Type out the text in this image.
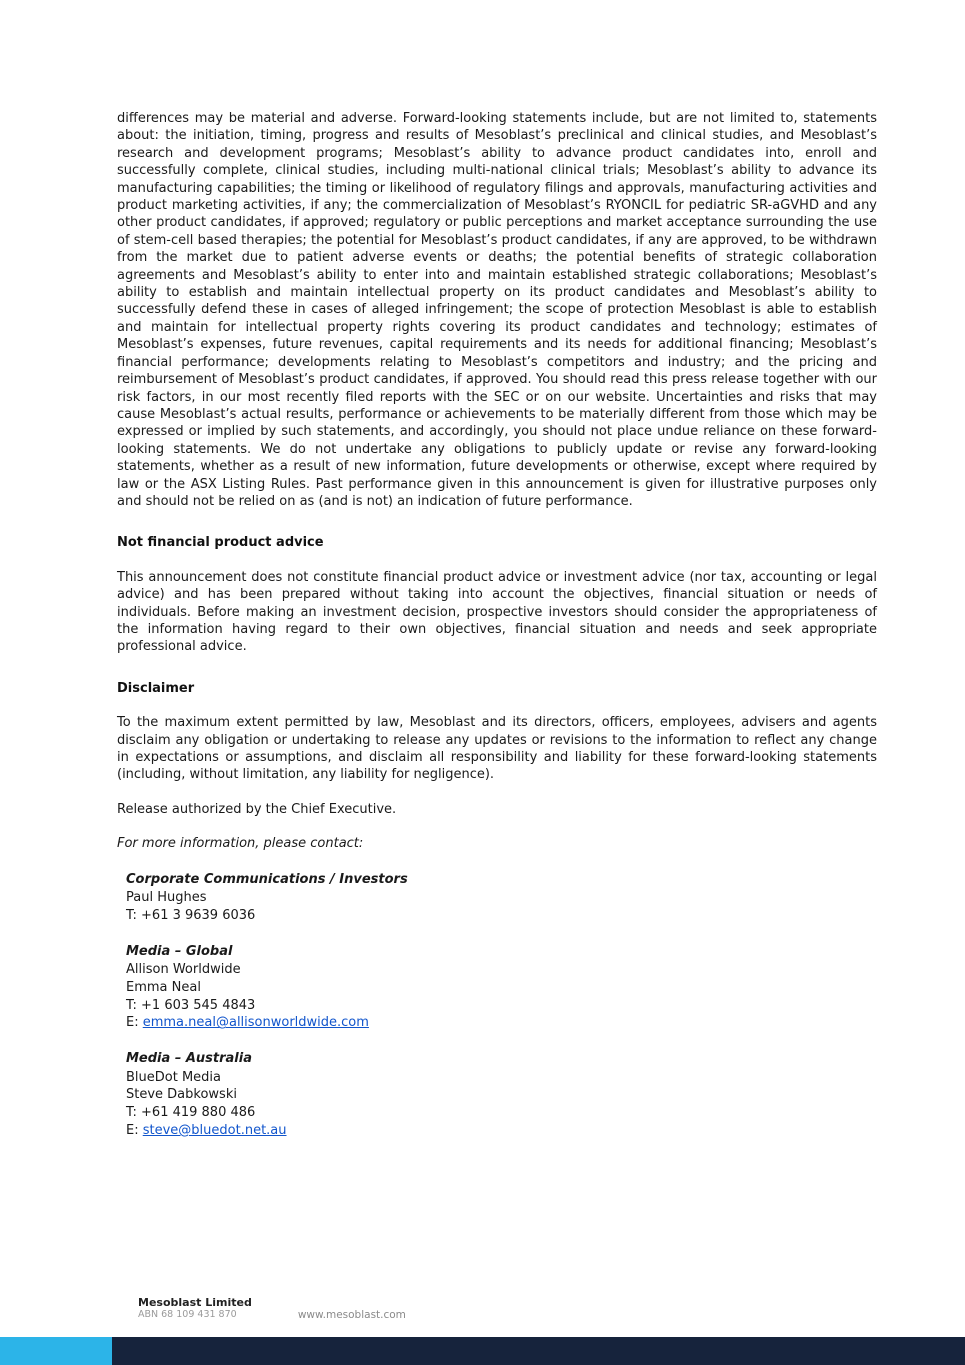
differences may be material and adverse. Forward-looking statements include, but are not limited to, statements about: the initiation, timing, progress and results of Mesoblast’s preclinical and clinical studies, and Mesoblast’s research and development programs; Mesoblast’s ability to advance product candidates into, enroll and successfully complete, clinical studies, including multi-national clinical trials; Mesoblast’s ability to advance its manufacturing capabilities; the timing or likelihood of regulatory filings and approvals, manufacturing activities and product marketing activities, if any; the commercialization of Mesoblast’s RYONCIL for pediatric SR-aGVHD and any other product candidates, if approved; regulatory or public perceptions and market acceptance surrounding the use of stem-cell based therapies; the potential for Mesoblast’s product candidates, if any are approved, to be withdrawn from the market due to patient adverse events or deaths; the potential benefits of strategic collaboration agreements and Mesoblast’s ability to enter into and maintain established strategic collaborations; Mesoblast’s ability to establish and maintain intellectual property on its product candidates and Mesoblast’s ability to successfully defend these in cases of alleged infringement; the scope of protection Mesoblast is able to establish and maintain for intellectual property rights covering its product candidates and technology; estimates of Mesoblast’s expenses, future revenues, capital requirements and its needs for additional financing; Mesoblast’s financial performance; developments relating to Mesoblast’s competitors and industry; and the pricing and reimbursement of Mesoblast’s product candidates, if approved. You should read this press release together with our risk factors, in our most recently filed reports with the SEC or on our website. Uncertainties and risks that may cause Mesoblast’s actual results, performance or achievements to be materially different from those which may be expressed or implied by such statements, and accordingly, you should not place undue reliance on these forward-looking statements. We do not undertake any obligations to publicly update or revise any forward-looking statements, whether as a result of new information, future developments or otherwise, except where required by law or the ASX Listing Rules. Past performance given in this announcement is given for illustrative purposes only and should not be relied on as (and is not) an indication of future performance.

Not financial product advice

This announcement does not constitute financial product advice or investment advice (nor tax, accounting or legal advice) and has been prepared without taking into account the objectives, financial situation or needs of individuals. Before making an investment decision, prospective investors should consider the appropriateness of the information having regard to their own objectives, financial situation and needs and seek appropriate professional advice.

Disclaimer

To the maximum extent permitted by law, Mesoblast and its directors, officers, employees, advisers and agents disclaim any obligation or undertaking to release any updates or revisions to the information to reflect any change in expectations or assumptions, and disclaim all responsibility and liability for these forward-looking statements (including, without limitation, any liability for negligence).

Release authorized by the Chief Executive.

For more information, please contact:

Corporate Communications / Investors
Paul Hughes
T: +61 3 9639 6036
Media – Global
Allison Worldwide
Emma Neal
T: +1 603 545 4843
E: emma.neal@allisonworldwide.com
Media – Australia
BlueDot Media
Steve Dabkowski
T: +61 419 880 486
E: steve@bluedot.net.au
Mesoblast Limited
ABN 68 109 431 870	www.mesoblast.com
